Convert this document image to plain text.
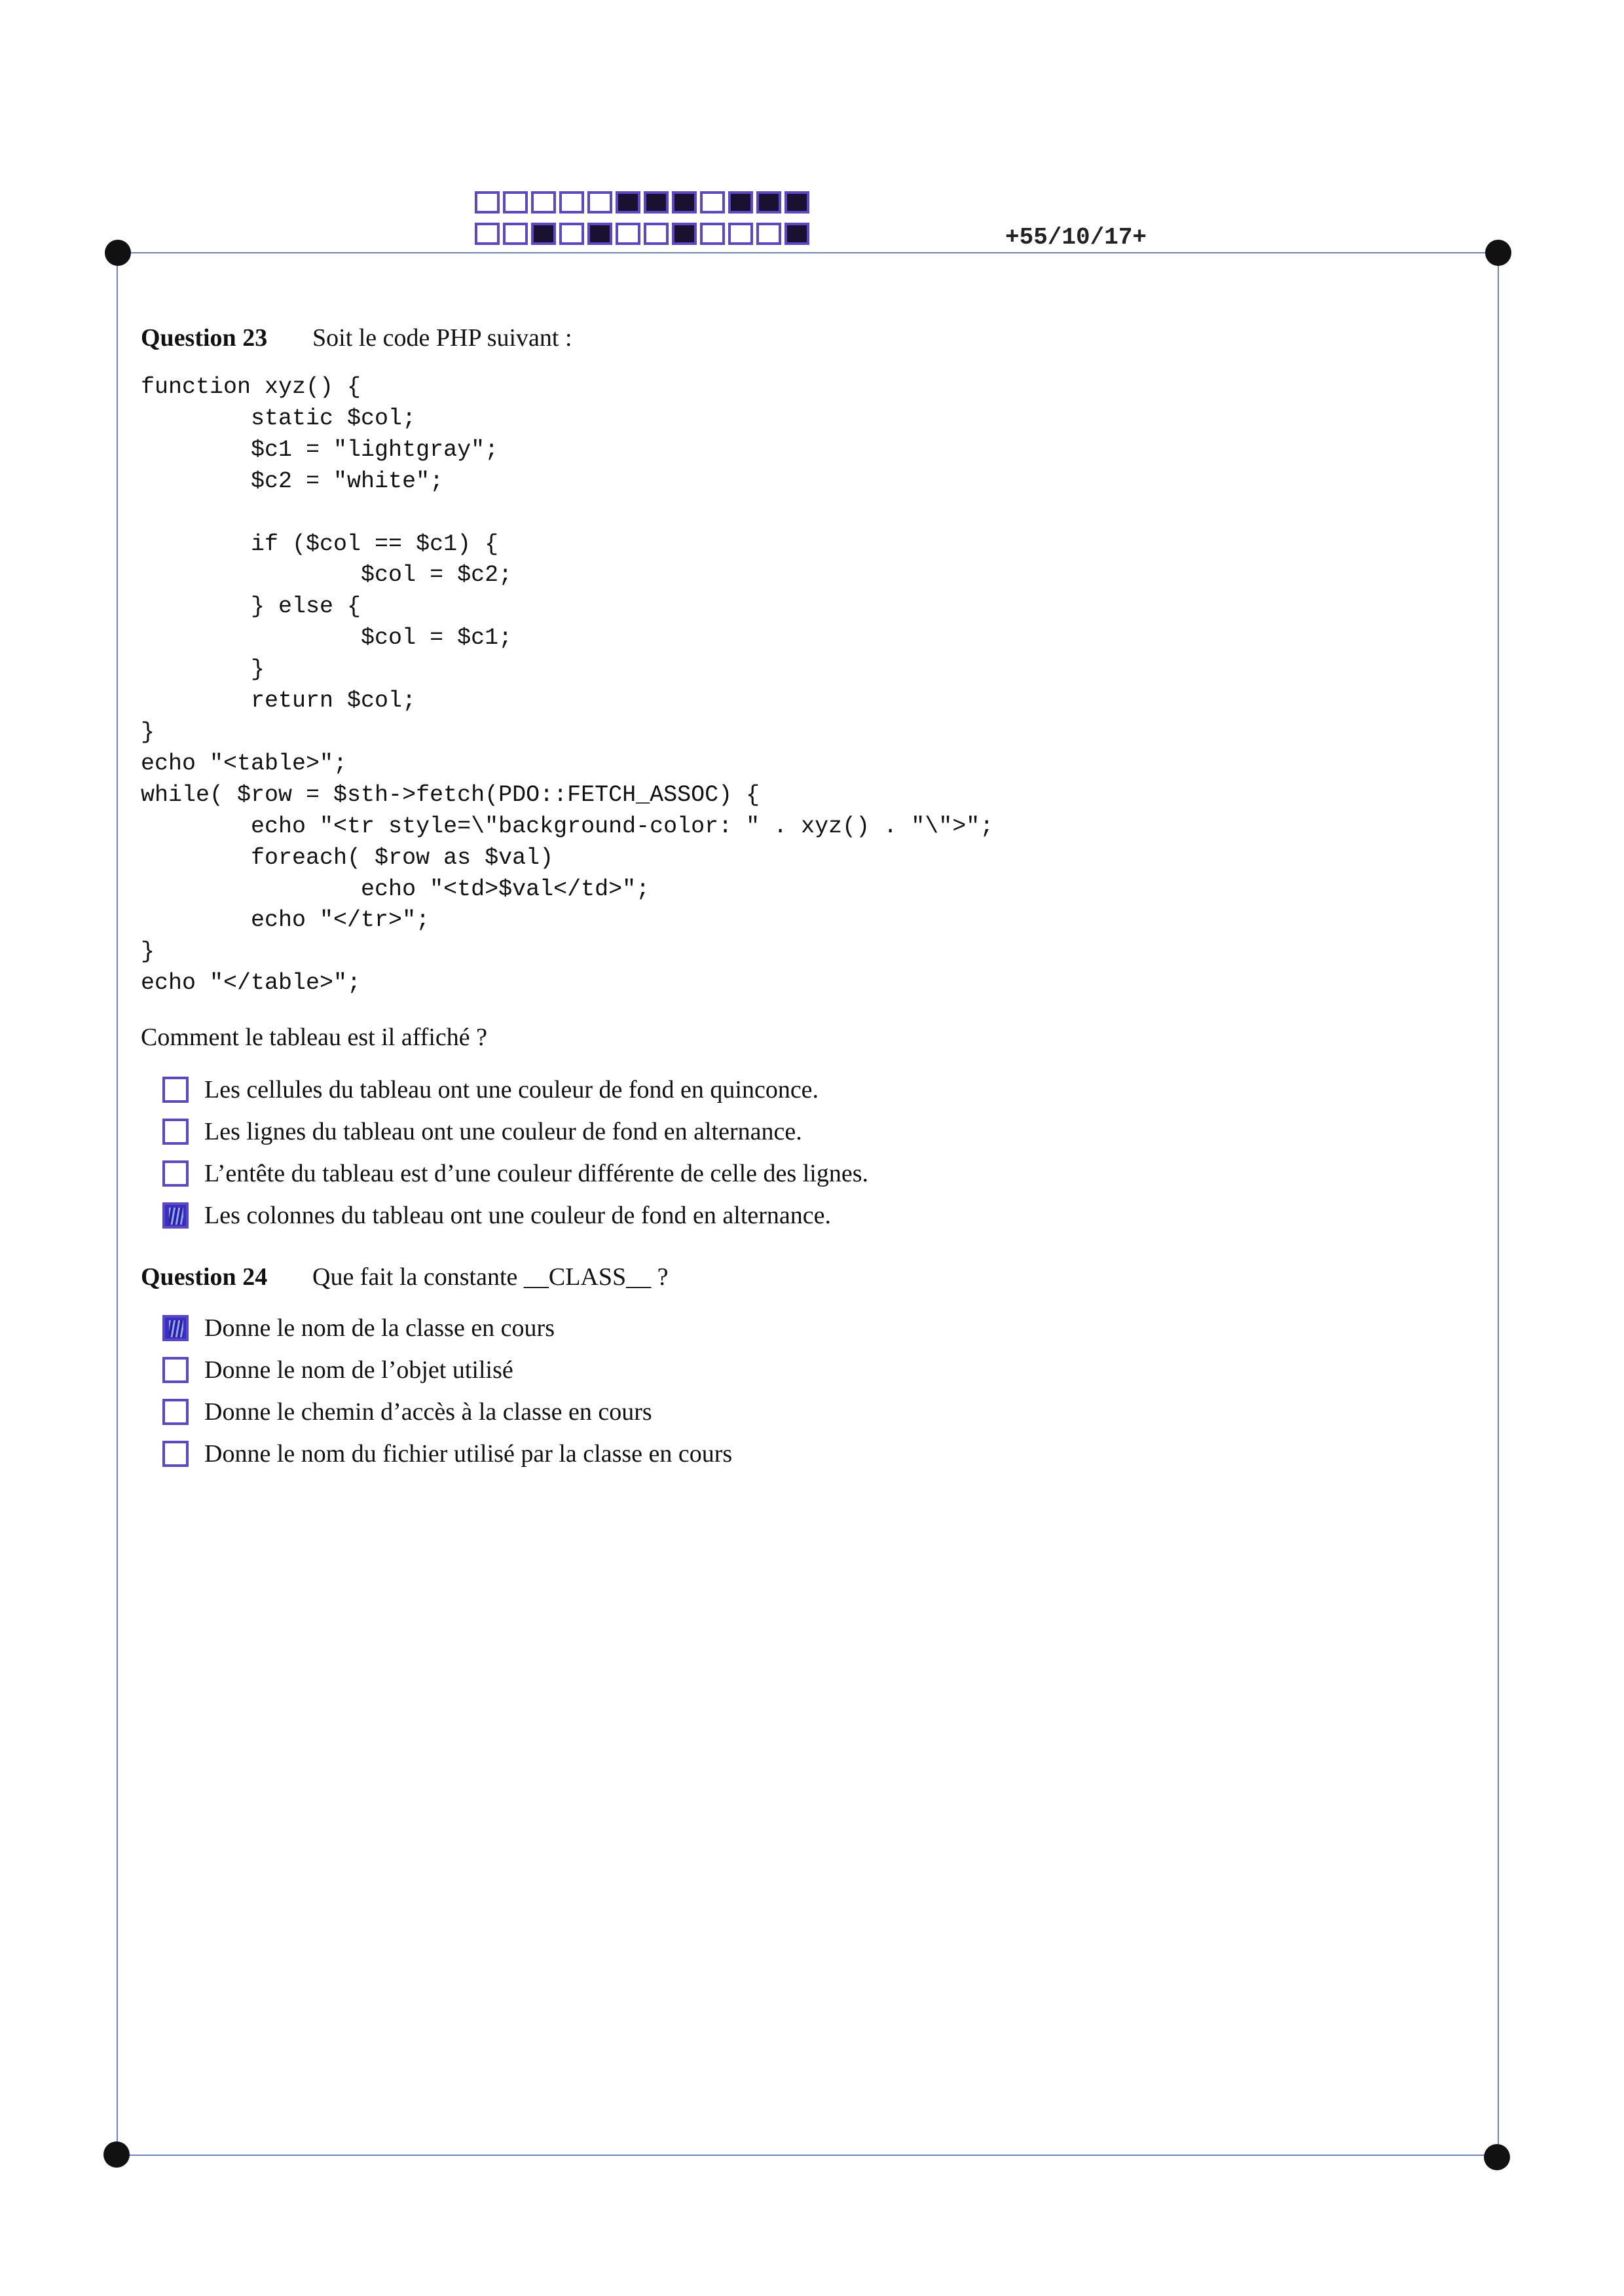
+55/10/17+
Question 23 Soit le code PHP suivant :
function xyz() {
static $col;
$c1 = "lightgray";
$c2 = "white";

if ($col == $c1) {
$col = $c2;
} else {
$col = $c1;
}
return $col;
}
echo "<table>";
while( $row = $sth->fetch(PDO::FETCH_ASSOC) {
echo "<tr style=\"background-color: " . xyz() . "\">";
foreach( $row as $val)
echo "<td>$val</td>";
echo "</tr>";
}
echo "</table>";
Comment le tableau est il affiché ?
Les cellules du tableau ont une couleur de fond en quinconce.
Les lignes du tableau ont une couleur de fond en alternance.
L’entête du tableau est d’une couleur différente de celle des lignes.
Les colonnes du tableau ont une couleur de fond en alternance.
Question 24 Que fait la constante __CLASS__ ?
Donne le nom de la classe en cours
Donne le nom de l’objet utilisé
Donne le chemin d’accès à la classe en cours
Donne le nom du fichier utilisé par la classe en cours
